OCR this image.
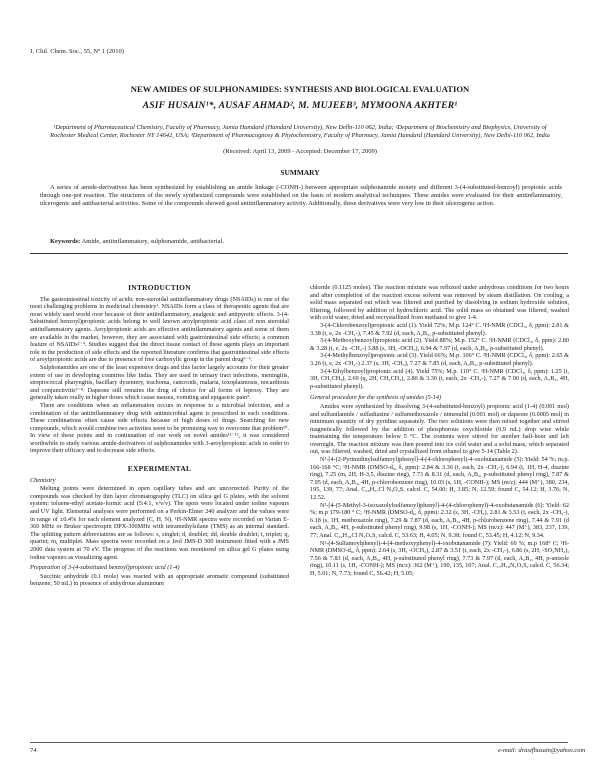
J. Chil. Chem. Soc., 55, Nº 1 (2010)
NEW AMIDES OF SULPHONAMIDES: SYNTHESIS AND BIOLOGICAL EVALUATION
ASIF HUSAIN¹*, AUSAF AHMAD², M. MUJEEB³, MYMOONA AKHTER¹
¹Department of Pharmaceutical Chemistry, Faculty of Pharmacy, Jamia Hamdard (Hamdard University), New Delhi-110 062, India; ²Department of Biochemistry and Biophysics, University of Rochester Medical Center, Rochester NY 14642, USA; ³Department of Pharmacognosy & Phytochemistry, Faculty of Pharmacy, Jamia Hamdard (Hamdard University), New Delhi-110 062, India
(Received: April 13, 2009 - Accepted: December 17, 2009)
SUMMARY
A series of amide-derivatives has been synthesized by establishing an amide linkage (-CONH-) between appropriate sulphonamide moiety and different 3-(4-substituted-benzoyl) propionic acids through one-pot reaction. The structures of the newly synthesized compounds were established on the basis of modern analytical techniques. These amides were evaluated for their antiinflammatory, ulcerogenic and antibacterial activities. Some of the compounds showed good antiinflammatory activity. Additionally, these derivatives were very low in their ulcerogenic action.
Keywords: Amide, antiinflammatory, sulphonamide, antibacterial.
INTRODUCTION

The gastrointestinal toxicity of acidic non-steroidal antiinflammatory drugs (NSAIDs) is one of the most challenging problems in medicinal chemistry¹. NSAIDs form a class of therapeutic agents that are most widely used world over because of their antiinflammatory, analgesic and antipyretic effects. 3-(4-Substituted benzoyl)propionic acids belong to well known aroylpropionic acid class of non steroidal antiinflammatory agents. Aroylpropionic acids are effective antiinflammatory agents and some of them are available in the market, however, they are associated with gastrointestinal side effects; a common feature of NSAIDs²⁻⁴. Studies suggest that the direct tissue contact of these agents plays an important role in the production of side effects and the reported literature confirms that gastrointestinal side effects of aroylpropionic acids are due to presence of free carboxylic group in the parent drug⁵⁻⁶.

Sulphonamides are one of the least expensive drugs and this factor largely accounts for their greater extent of use in developing countries like India. They are used in urinary tract infections, meningitis, streptococcal pharyngitis, bacillary dysentery, trachoma, cancroids, malaria, toxoplasmosis, nocardiosis and conjunctivitis⁷⁻⁸. Dapsone still remains the drug of choice for all forms of leprosy. They are generally taken orally in higher doses which cause nausea, vomiting and epigastric pain⁹.

There are conditions when an inflammation occurs in response to a microbial infection, and a combination of the antiinflammatory drug with antimicrobial agent is prescribed in such conditions. These combinations often cause side effects because of high doses of drugs. Searching for new compounds, which would combine two activities seem to be promising way to overcome that problem¹⁰. In view of these points and in continuation of our work on novel amides¹¹⁻¹², it was considered worthwhile to study various amide-derivatives of sulphonamides with 3-aroylpropionic acids in order to improve their efficacy and to decrease side effects.

EXPERIMENTAL
Chemistry

Melting points were determined in open capillary tubes and are uncorrected. Purity of the compounds was checked by thin layer chromatography (TLC) on silica gel G plates, with the solvent system: toluene-ethyl acetate-formic acid (5:4:1, v/v/v). The spots were located under iodine vapours and UV light. Elemental analyses were performed on a Perkin-Elmer 240 analyzer and the values were in range of ±0.4% for each element analyzed (C, H, N). ¹H-NMR spectra were recorded on Varian E-360 MHz or Bruker spectrospin DPX-300MHz with tetramethylsilane (TMS) as an internal standard. The splitting pattern abbreviations are as follows: s, singlet; d, doublet; dd, double doublet; t, triplet; q, quartet; m, multiplet. Mass spectra were recorded on a Jeol JMS-D 300 instrument fitted with a JMS 2000 data system at 70 eV. The progress of the reactions was monitored on silica gel G plates using iodine vapours as visualizing agent.

Preparation of 3-(4-substituted benzoyl)propionic acid (1-4)

Succinic anhydride (0.1 mole) was reacted with an appropriate aromatic compound (substituted benzene; 50 mL) in presence of anhydrous aluminium

chloride (0.1125 moles). The reaction mixture was refluxed under anhydrous conditions for two hours and after completion of the reaction excess solvent was removed by steam distillation. On cooling, a solid mass separated out which was filtered and purified by dissolving in sodium hydroxide solution, filtering, followed by addition of hydrochloric acid. The solid mass so obtained was filtered, washed with cold water, dried and recrystallized from methanol to give 1-4.

3-(4-Chlorobenzoyl)propionic acid (1). Yield 72%; M.p. 124° C. ¹H-NMR (CDCl₃, δ, ppm): 2.81 & 3.38 (t, e, 2x -CH₂-), 7.45 & 7.92 (d, each, A₂B₂, p-substituted phenyl).

3-(4-Methoxybenzoyl)propionic acid (2). Yield 88%; M.p. 152° C. ¹H-NMR (CDCl₃, δ, ppm): 2.80 & 3.28 (t, e, 2x -CH₂-) 3.88 (s, 3H, -OCH₃), 6.94 & 7.97 (d, each, A₂B₂, p-substituted phenyl).

3-(4-Methylbenzoyl)propionic acid (3). Yield 66%; M.p. 106° C. ¹H-NMR (CDCl₃, δ, ppm): 2.65 & 3.26 (t, e, 2x -CH₂-) 2.37 (s, 3H, -CH₃), 7.27 & 7.85 (d, each, A₂B₂, p-substituted phenyl).

3-(4-Ethylbenzoyl)propionic acid (4). Yield 75%; M.p. 110° C. ¹H-NMR (CDCl₃, δ, ppm): 1.25 (t, 3H, CH₂CH₃), 2.69 (q, 2H, CH₂CH₃), 2.80 & 3.30 (t, each, 2x -CH₂-), 7.27 & 7.90 (d, each, A₂B₂, 4H, p-substituted phenyl).

General procedure for the synthesis of amides (5-14)

Amides were synthesized by dissolving 3-(4-substituted-benzoyl) propionic acid (1-4) (0.001 mol) and sulfanilamide / sulfadiazine / sulfamethoxazole / nimesulid (0.001 mol) or dapsone (0.0005 mol) in minimum quantity of dry pyridine separately. The two solutions were then mixed together and stirred magnetically followed by the addition of phosphorous oxychloride (0.9 mL) drop wise while maintaining the temperature below 5 °C. The contents were stirred for another half-hour and left overnight. The reaction mixture was then poured into ice cold water and a solid mass, which separated out, was filtered, washed, dried and crystallized from ethanol to give 5-14 (Table 2).

N¹-[4-(2-Pyrimidinylsulfamoyl)phenyl]-4-(4-chlorophenyl)-4-oxobutanamide (5): Yield: 54 %; m.p. 166-168 °C; ¹H-NMR (DMSO-d₆, δ, ppm): 2.84 & 3.36 (t, each, 2x -CH₂-), 6.94 (t, 1H, H-4, diazine ring), 7.25 (m, 2H, H-3,5, diazine ring), 7.73 & 8.31 (d, each, A₂B₂, p-substituted phenyl ring), 7.87 & 7.95 (d, each, A₂B₂, 4H, p-chlorobenzene ring), 10.03 (s, 1H, -CONH-); MS (m/z): 444 (M⁺), 380, 234, 195, 139, 77; Anal. C₂₀H₁₇Cl N₄O₄S, calcd. C, 54.00; H, 3.85; N, 12.59; found C, 54.12; H, 3.76; N, 12.52.

N¹-[4-(5-Methyl-3-isoxazolylsulfamoyl)phenyl]-4-(4-chlorophenyl)-4-oxobutanamide (6): Yield: 62 %; m.p 179-180 ° C; ¹H-NMR (DMSO-d₆, δ, ppm): 2.32 (s, 3H, -CH₃), 2.81 & 3.53 (t, each, 2x -CH₂-), 6.18 (s, 1H, methoxazole ring), 7.29 & 7.87 (d, each, A₂B₂, 4H, p-chlorobenzene ring), 7.44 & 7.91 (d each, A₂B₂, 4H, p-substituted phenyl ring), 9.98 (s, 1H, -CONH-); MS (m/z): 447 (M⁺), 383, 237, 139, 77; Anal. C₂₀H₁₈Cl N₃O₅S, calcd. C, 53.63; H, 4.05; N, 9.38; found C, 53.45; H, 4.12; N, 9.34.

N¹-(4-Sulfamoylphenyl)-4-(4-methoxyphenyl)-4-oxobutanamide (7): Yield: 60 %; m.p 168° C; ¹H-NMR (DMSO-d₆, δ, ppm): 2.64 (s, 3H, -OCH₃), 2.87 & 3.51 (t, each, 2x -CH₂-), 6.86 (s, 2H, -SO₂NH₂), 7.56 & 7.83 (d, each, A₂B₂, 4H, p-substituted phenyl ring), 7.73 & 7.97 (d, each, A₂B₂, 4H, p-anisole ring), 10.11 (s, 1H, -CONH-); MS (m/z): 362 (M⁺), 190, 135, 107; Anal. C₁₇H₁₈N₂O₅S, calcd. C, 56.34; H, 5.01; N, 7.73; found C, 56.42; H, 5.05;

74	e-mail: drasifhusain@yahoo.com
